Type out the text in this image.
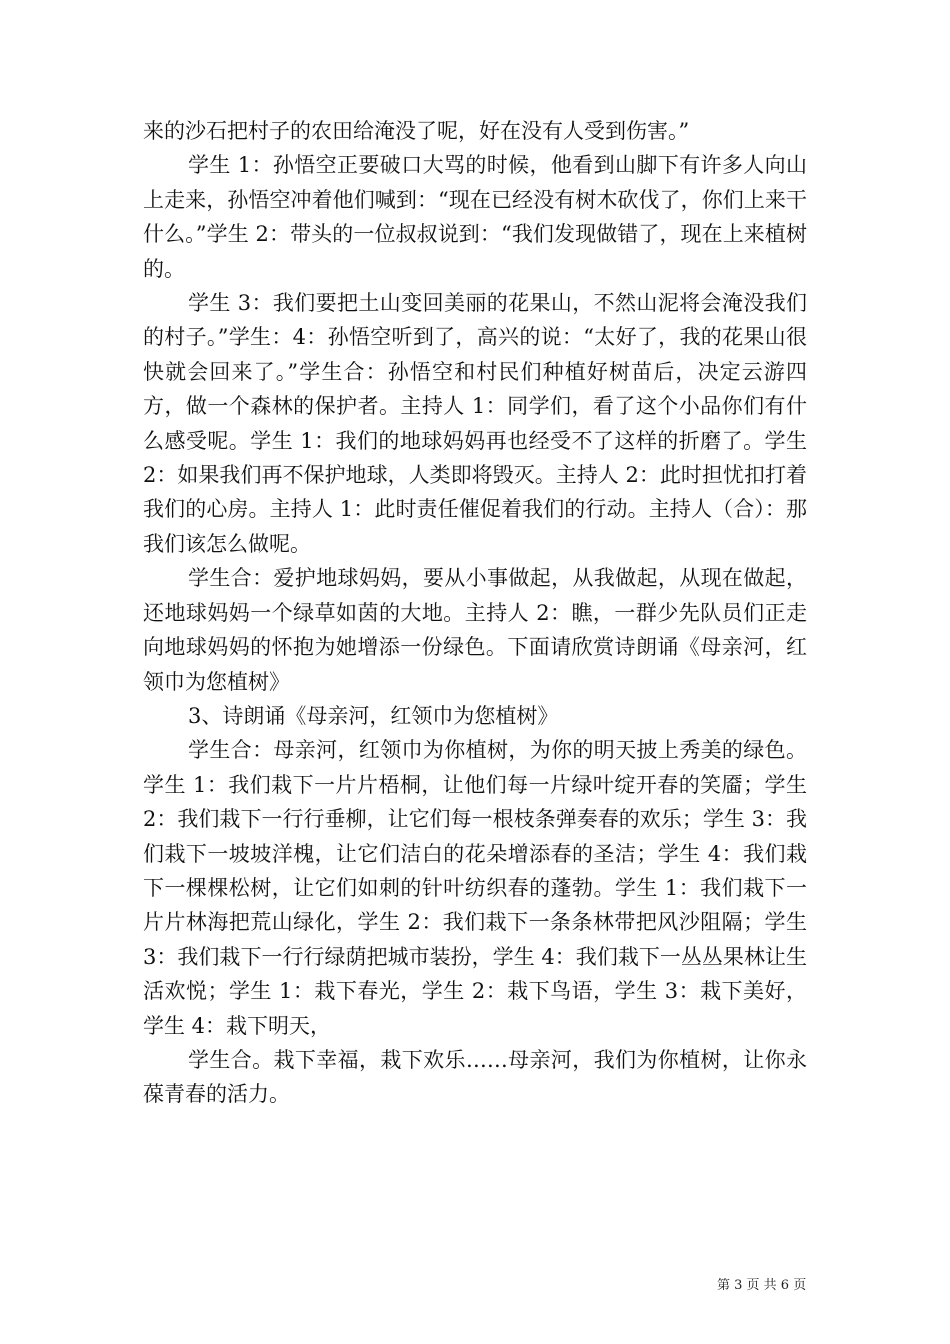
来的沙石把村子的农田给淹没了呢，好在没有人受到伤害。”

学生 1：孙悟空正要破口大骂的时候，他看到山脚下有许多人向山上走来，孙悟空冲着他们喊到：“现在已经没有树木砍伐了，你们上来干什么。”学生 2：带头的一位叔叔说到：“我们发现做错了，现在上来植树的。

学生 3：我们要把土山变回美丽的花果山，不然山泥将会淹没我们的村子。”学生：4：孙悟空听到了，高兴的说：“太好了，我的花果山很快就会回来了。”学生合：孙悟空和村民们种植好树苗后，决定云游四方，做一个森林的保护者。主持人 1：同学们，看了这个小品你们有什么感受呢。学生 1：我们的地球妈妈再也经受不了这样的折磨了。学生 2：如果我们再不保护地球，人类即将毁灭。主持人 2：此时担忧扣打着我们的心房。主持人 1：此时责任催促着我们的行动。主持人（合）：那我们该怎么做呢。

学生合：爱护地球妈妈，要从小事做起，从我做起，从现在做起，还地球妈妈一个绿草如茵的大地。主持人 2：瞧，一群少先队员们正走向地球妈妈的怀抱为她增添一份绿色。下面请欣赏诗朗诵《母亲河，红领巾为您植树》

3、诗朗诵《母亲河，红领巾为您植树》

学生合：母亲河，红领巾为你植树，为你的明天披上秀美的绿色。学生 1：我们栽下一片片梧桐，让他们每一片绿叶绽开春的笑靥；学生 2：我们栽下一行行垂柳，让它们每一根枝条弹奏春的欢乐；学生 3：我们栽下一坡坡洋槐，让它们洁白的花朵增添春的圣洁；学生 4：我们栽下一棵棵松树，让它们如刺的针叶纺织春的蓬勃。学生 1：我们栽下一片片林海把荒山绿化，学生 2：我们栽下一条条林带把风沙阻隔；学生 3：我们栽下一行行绿荫把城市装扮，学生 4：我们栽下一丛丛果林让生活欢悦；学生 1：栽下春光，学生 2：栽下鸟语，学生 3：栽下美好，学生 4：栽下明天，

学生合。栽下幸福，栽下欢乐……母亲河，我们为你植树，让你永葆青春的活力。

第 3 页 共 6 页
